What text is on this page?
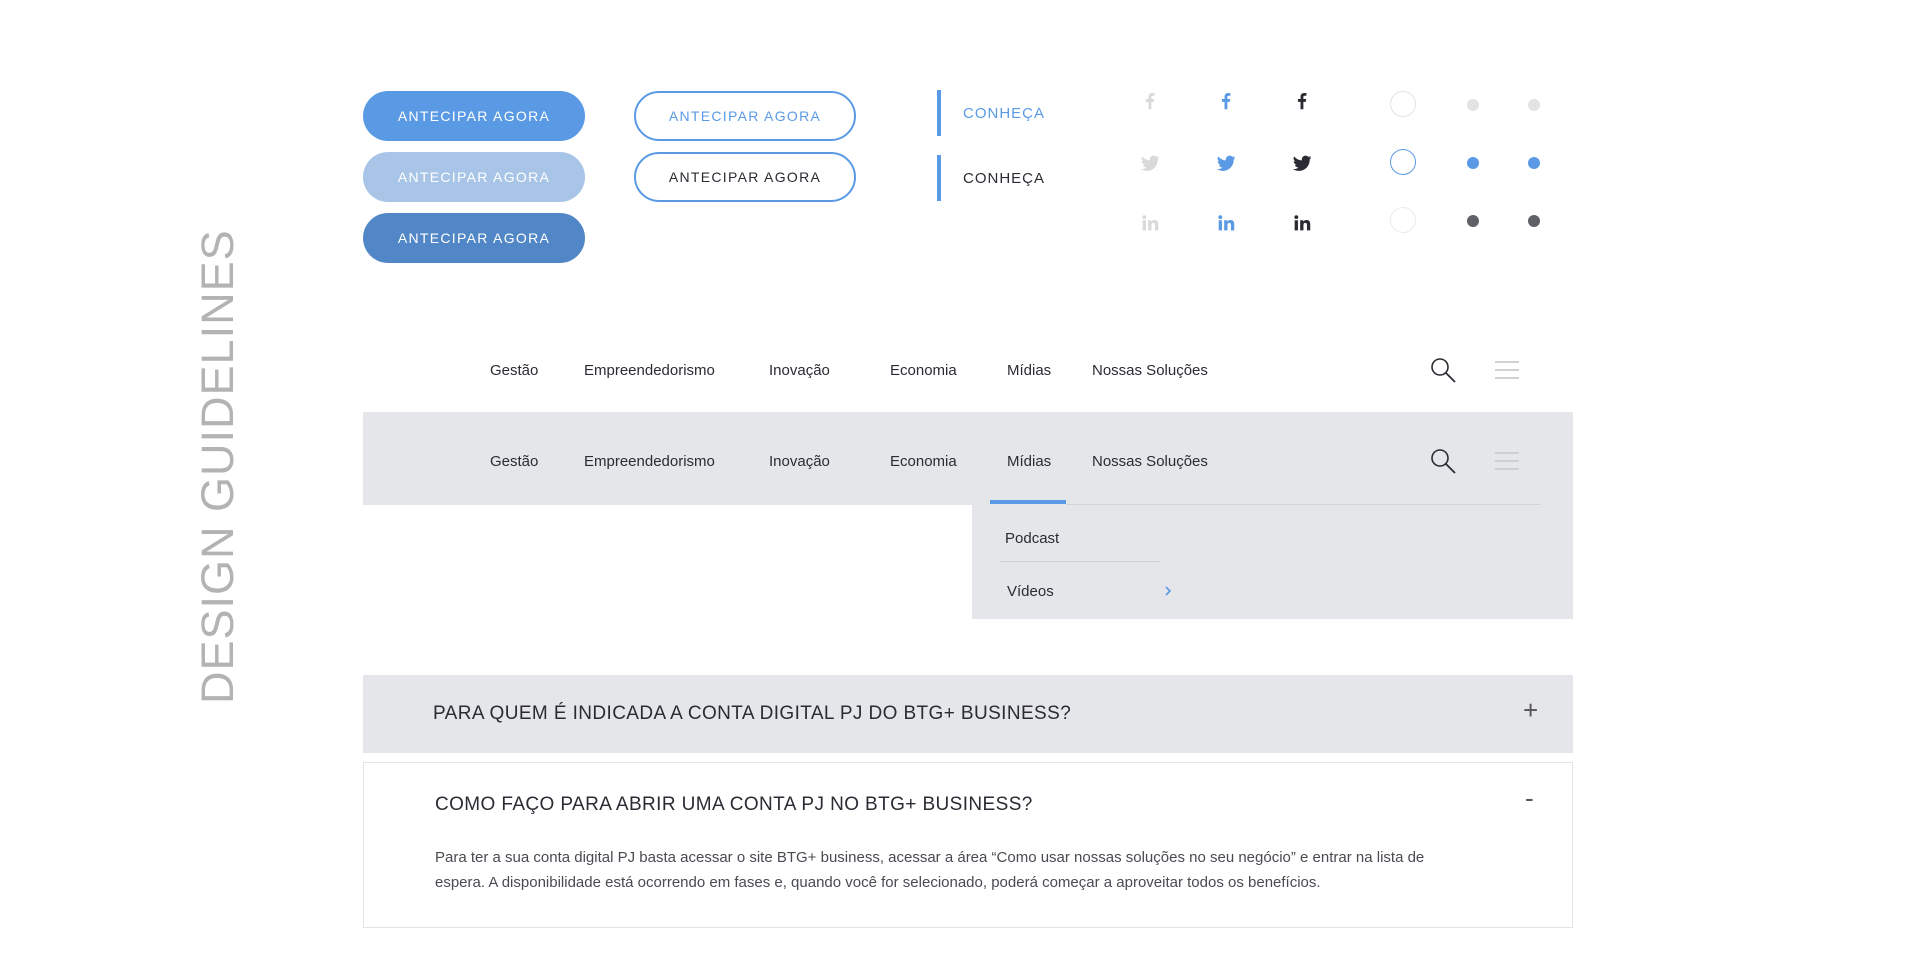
DESIGN GUIDELINES
ANTECIPAR AGORA
ANTECIPAR AGORA
ANTECIPAR AGORA
ANTECIPAR AGORA
ANTECIPAR AGORA
CONHEÇA
CONHEÇA
Gestão	Empreendedorismo	Inovação	Economia	Mídias	Nossas Soluções
Gestão	Empreendedorismo	Inovação	Economia	Mídias	Nossas Soluções
Podcast
Vídeos
PARA QUEM É INDICADA A CONTA DIGITAL PJ DO BTG+ BUSINESS?	+
COMO FAÇO PARA ABRIR UMA CONTA PJ NO BTG+ BUSINESS?	-
Para ter a sua conta digital PJ basta acessar o site BTG+ business, acessar a área “Como usar nossas soluções no seu negócio” e entrar na lista de espera. A disponibilidade está ocorrendo em fases e, quando você for selecionado, poderá começar a aproveitar todos os benefícios.
